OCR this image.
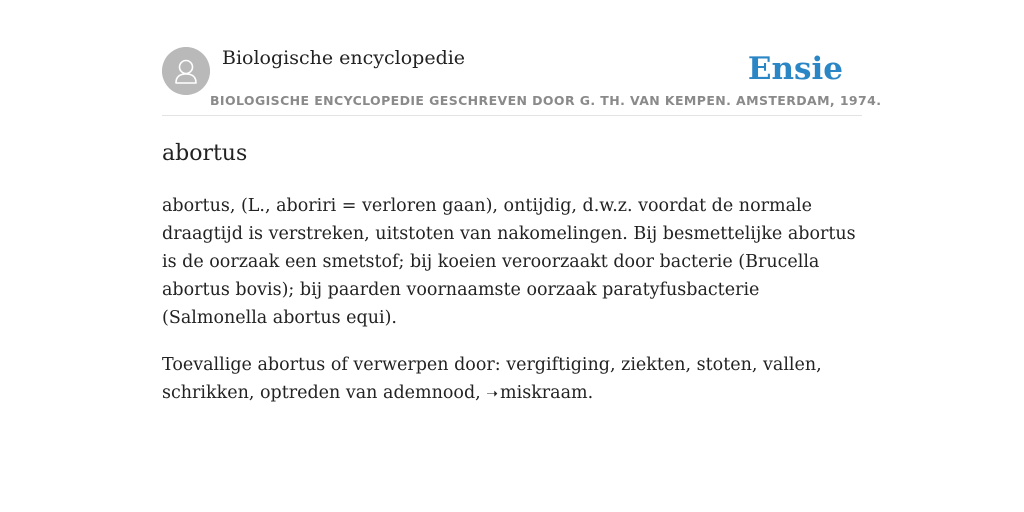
Biologische encyclopedie	Ensie
BIOLOGISCHE ENCYCLOPEDIE GESCHREVEN DOOR G. TH. VAN KEMPEN. AMSTERDAM, 1974.
abortus

abortus, (L., aboriri = verloren gaan), ontijdig, d.w.z. voordat de normale draagtijd is verstreken, uitstoten van nakomelingen. Bij besmettelijke abortus is de oorzaak een smetstof; bij koeien veroorzaakt door bacterie (Brucella abortus bovis); bij paarden voornaamste oorzaak paratyfusbacterie (Salmonella abortus equi).

Toevallige abortus of verwerpen door: vergiftiging, ziekten, stoten, vallen, schrikken, optreden van ademnood, ➝ miskraam.
